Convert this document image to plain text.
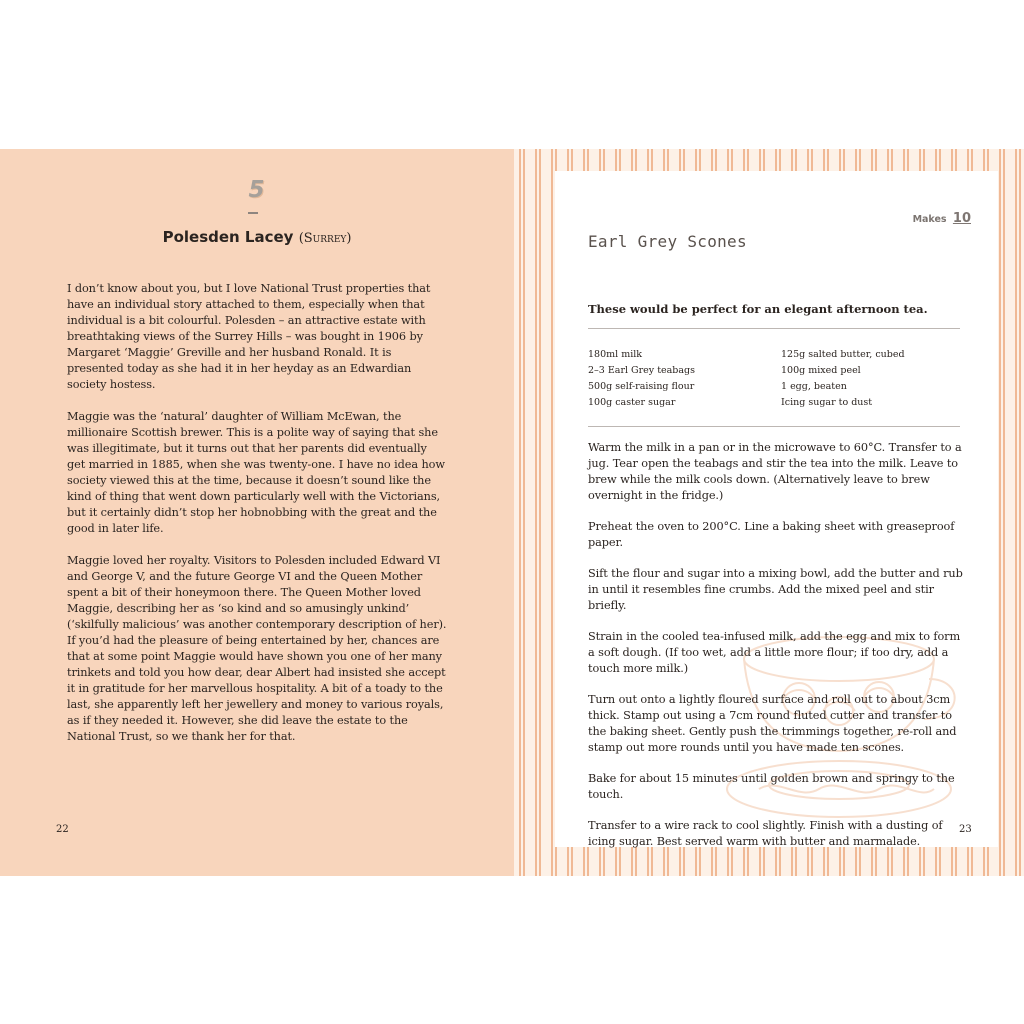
5
Polesden Lacey (Surrey)

I don’t know about you, but I love National Trust properties that have an individual story attached to them, especially when that individual is a bit colourful. Polesden – an attractive estate with breathtaking views of the Surrey Hills – was bought in 1906 by Margaret ‘Maggie’ Greville and her husband Ronald. It is presented today as she had it in her heyday as an Edwardian society hostess.

Maggie was the ‘natural’ daughter of William McEwan, the millionaire Scottish brewer. This is a polite way of saying that she was illegitimate, but it turns out that her parents did eventually get married in 1885, when she was twenty-one. I have no idea how society viewed this at the time, because it doesn’t sound like the kind of thing that went down particularly well with the Victorians, but it certainly didn’t stop her hobnobbing with the great and the good in later life.

Maggie loved her royalty. Visitors to Polesden included Edward VI and George V, and the future George VI and the Queen Mother spent a bit of their honeymoon there. The Queen Mother loved Maggie, describing her as ‘so kind and so amusingly unkind’ (‘skilfully malicious’ was another contemporary description of her). If you’d had the pleasure of being entertained by her, chances are that at some point Maggie would have shown you one of her many trinkets and told you how dear, dear Albert had insisted she accept it in gratitude for her marvellous hospitality. A bit of a toady to the last, she apparently left her jewellery and money to various royals, as if they needed it. However, she did leave the estate to the National Trust, so we thank her for that.

22
Makes 10
Earl Grey Scones
These would be perfect for an elegant afternoon tea.
180ml milk
2–3 Earl Grey teabags
500g self-raising flour
100g caster sugar
125g salted butter, cubed
100g mixed peel
1 egg, beaten
Icing sugar to dust

Warm the milk in a pan or in the microwave to 60°C. Transfer to a jug. Tear open the teabags and stir the tea into the milk. Leave to brew while the milk cools down. (Alternatively leave to brew overnight in the fridge.)

Preheat the oven to 200°C. Line a baking sheet with greaseproof paper.

Sift the flour and sugar into a mixing bowl, add the butter and rub in until it resembles fine crumbs. Add the mixed peel and stir briefly.

Strain in the cooled tea-infused milk, add the egg and mix to form a soft dough. (If too wet, add a little more flour; if too dry, add a touch more milk.)

Turn out onto a lightly floured surface and roll out to about 3cm thick. Stamp out using a 7cm round fluted cutter and transfer to the baking sheet. Gently push the trimmings together, re-roll and stamp out more rounds until you have made ten scones.

Bake for about 15 minutes until golden brown and springy to the touch.

Transfer to a wire rack to cool slightly. Finish with a dusting of icing sugar. Best served warm with butter and marmalade.

23
